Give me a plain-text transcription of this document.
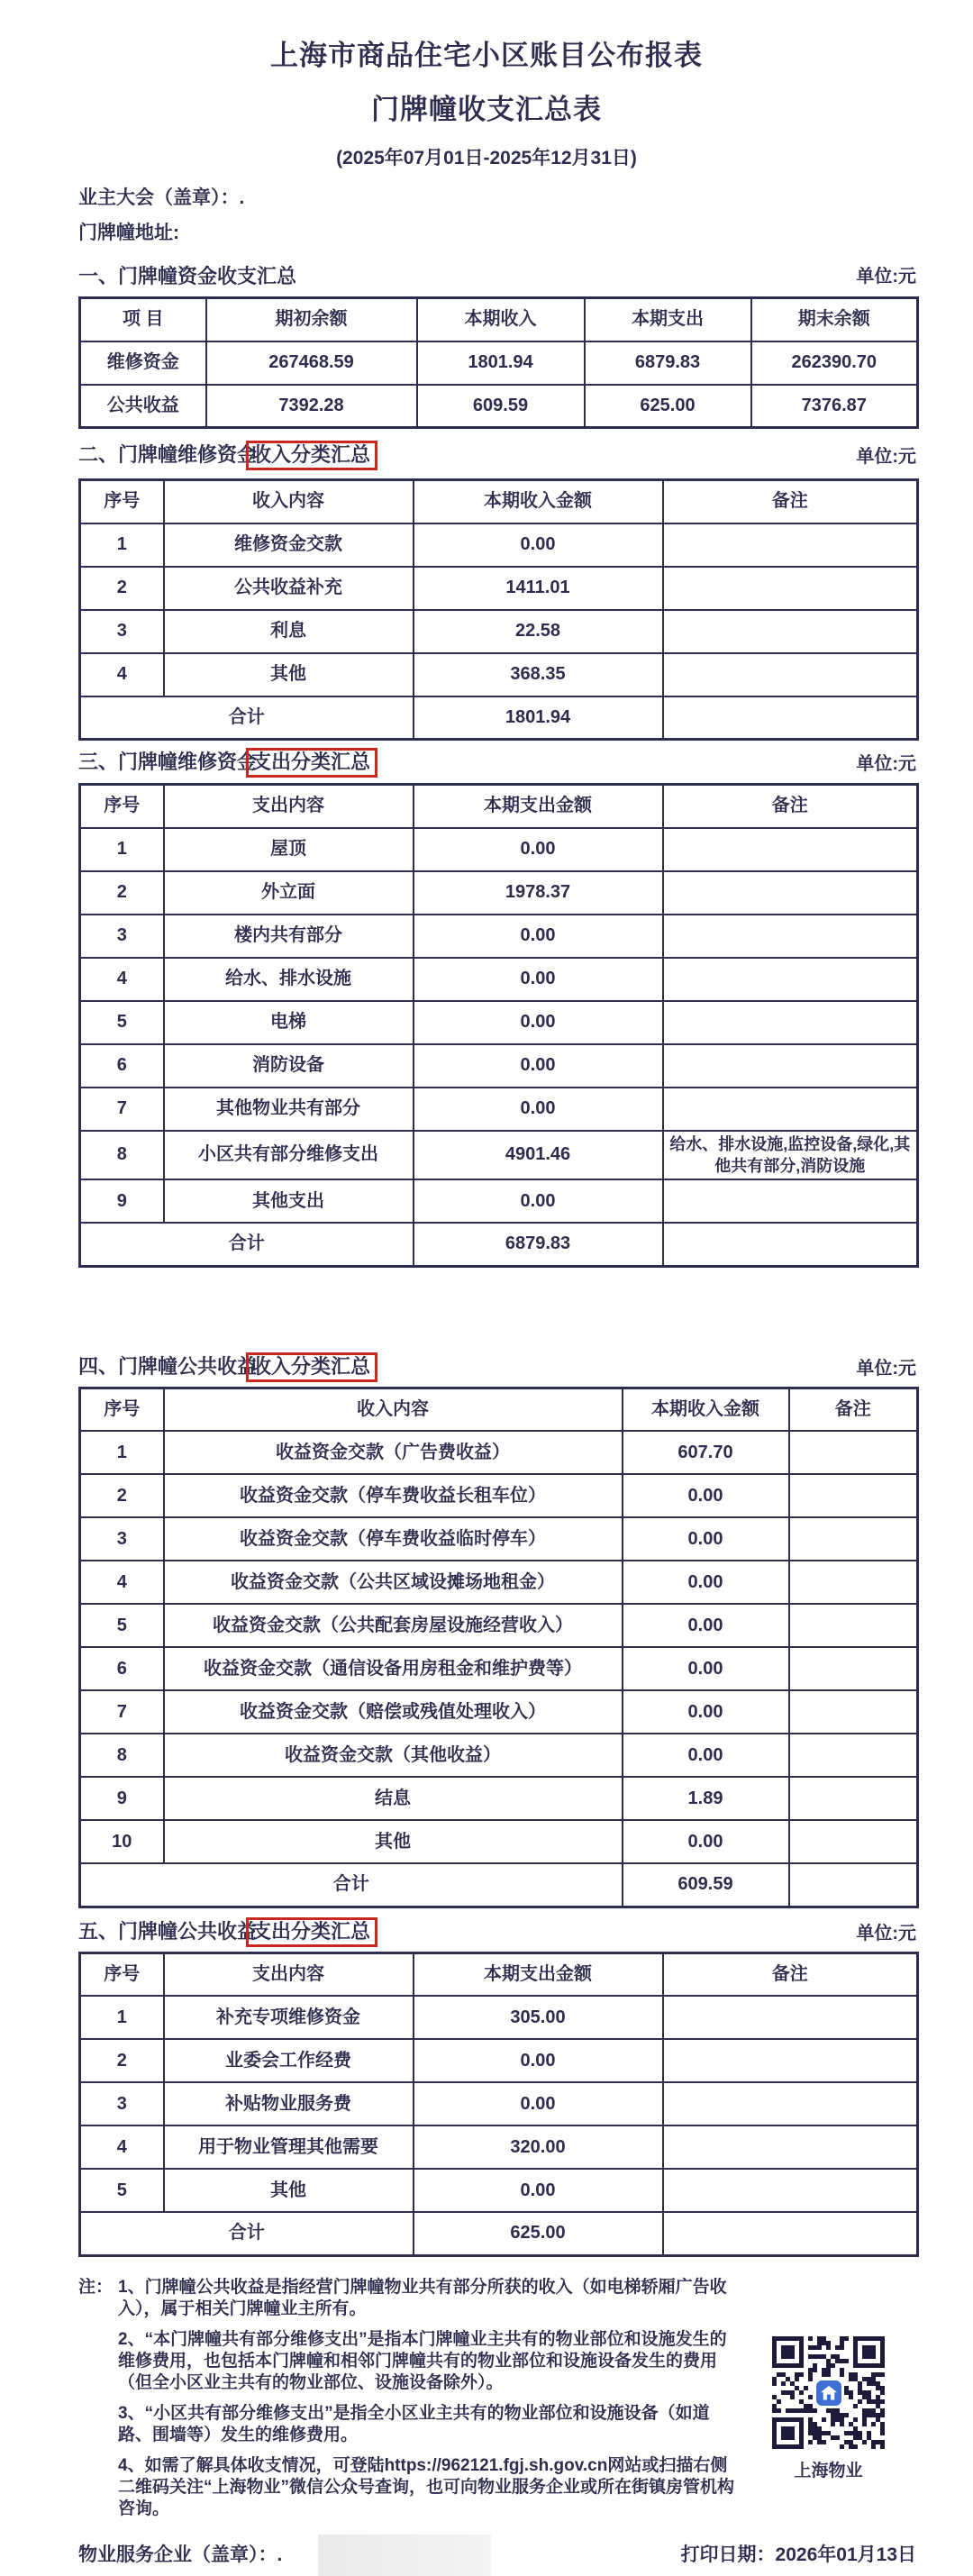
上海市商品住宅小区账目公布报表
门牌幢收支汇总表
(2025年07月01日-2025年12月31日)
业主大会（盖章）：.
门牌幢地址:
一、门牌幢资金收支汇总	单位:元
项 目	期初余额	本期收入	本期支出	期末余额
维修资金	267468.59	1801.94	6879.83	262390.70
公共收益	7392.28	609.59	625.00	7376.87
二、门牌幢维修资金收入分类汇总	单位:元
序号	收入内容	本期收入金额	备注
1	维修资金交款	0.00	
2	公共收益补充	1411.01	
3	利息	22.58	
4	其他	368.35	
合计		1801.94	
三、门牌幢维修资金支出分类汇总	单位:元
序号	支出内容	本期支出金额	备注
1	屋顶	0.00	
2	外立面	1978.37	
3	楼内共有部分	0.00	
4	给水、排水设施	0.00	
5	电梯	0.00	
6	消防设备	0.00	
7	其他物业共有部分	0.00	
8	小区共有部分维修支出	4901.46	给水、排水设施,监控设备,绿化,其他共有部分,消防设施
9	其他支出	0.00	
合计		6879.83	
四、门牌幢公共收益收入分类汇总	单位:元
序号	收入内容	本期收入金额	备注
1	收益资金交款（广告费收益）	607.70	
2	收益资金交款（停车费收益长租车位）	0.00	
3	收益资金交款（停车费收益临时停车）	0.00	
4	收益资金交款（公共区域设摊场地租金）	0.00	
5	收益资金交款（公共配套房屋设施经营收入）	0.00	
6	收益资金交款（通信设备用房租金和维护费等）	0.00	
7	收益资金交款（赔偿或残值处理收入）	0.00	
8	收益资金交款（其他收益）	0.00	
9	结息	1.89	
10	其他	0.00	
合计		609.59	
五、门牌幢公共收益支出分类汇总	单位:元
序号	支出内容	本期支出金额	备注
1	补充专项维修资金	305.00	
2	业委会工作经费	0.00	
3	补贴物业服务费	0.00	
4	用于物业管理其他需要	320.00	
5	其他	0.00	
合计		625.00	
注： 1、门牌幢公共收益是指经营门牌幢物业共有部分所获的收入（如电梯轿厢广告收入），属于相关门牌幢业主所有。

2、“本门牌幢共有部分维修支出”是指本门牌幢业主共有的物业部位和设施发生的维修费用，也包括本门牌幢和相邻门牌幢共有的物业部位和设施设备发生的费用（但全小区业主共有的物业部位、设施设备除外）。

3、“小区共有部分维修支出”是指全小区业主共有的物业部位和设施设备（如道路、围墙等）发生的维修费用。

4、如需了解具体收支情况，可登陆https://962121.fgj.sh.gov.cn网站或扫描右侧二维码关注“上海物业”微信公众号查询，也可向物业服务企业或所在街镇房管机构咨询。

上海物业
物业服务企业（盖章）：.	打印日期：2026年01月13日
